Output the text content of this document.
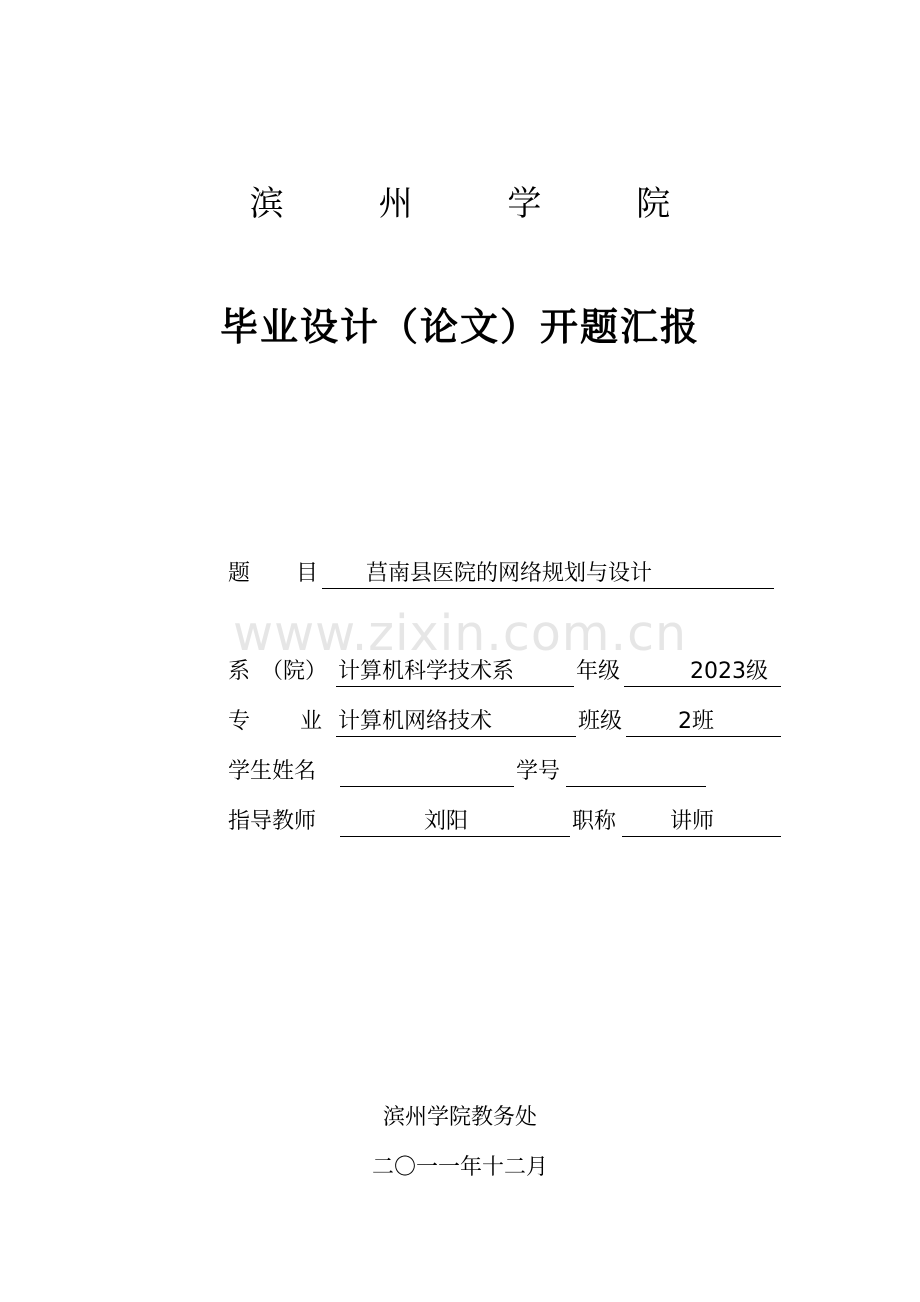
滨 州 学 院
毕业设计（论文）开题汇报
www.zixin.com.cn
题 目 莒南县医院的网络规划与设计
系　（院） 计算机科学技术系	年级	2023级
专 业 计算机网络技术	班级	2班
学生姓名	学号
指导教师	刘阳	职称 讲师
滨州学院教务处
二〇一一年十二月
